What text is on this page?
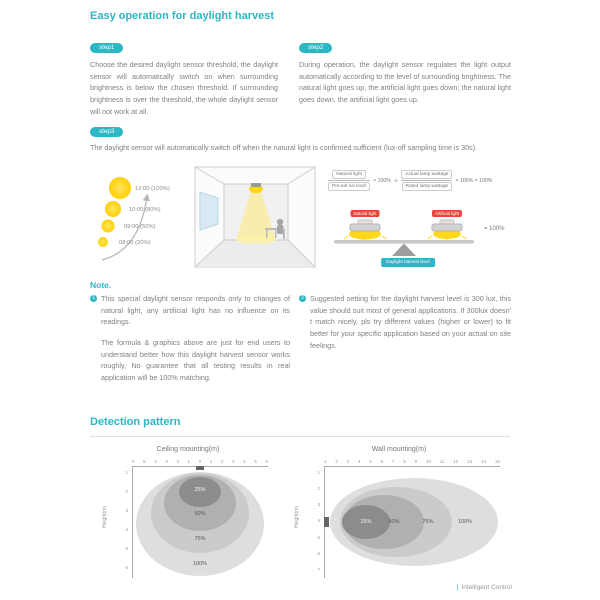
Easy operation for daylight harvest
step1

Choose the desired daylight sensor threshold, the daylight sensor will automatically switch on when surrounding brightness is below the chosen threshold. If surrounding brightness is over the threshold, the whole daylight sensor will not work at all.

step2

During operation, the daylight sensor regulates the light output automatically according to the level of surrounding brightness. The natural light goes up, the artificial light goes down; the natural light goes down, the artificial light goes up.

step3

The daylight sensor will automatically switch off when the natural light is confirmed sufficient (lux-off sampling time is 30s).

12:00 (100%)
10:00 (80%)
09:00 (50%)
08:00 (20%)
$\frac{\text{Natural light}}{\text{Pre-set lux level}} \times 100\% + \frac{\text{Actual lamp wattage}}{\text{Rated lamp wattage}} \times 100\% = 100\%$
Natural light	Artificial light
= 100%
Daylight harvest level
Note.
1 This special daylight sensor responds only to changes of natural light, any artificial light has no influence on its readings.

The formula & graphics above are just for end users to understand better how this daylight harvest sensor works roughly, No guarantee that all testing results in real application will be 100% matching.

2 Suggested setting for the daylight harvest level is 300 lux, this value should suit most of general applications. If 300lux doesn' t match nicely, pls try different values (higher or lower) to fit better for your specific application based on your actual on site feelings.

Detection pattern
Ceiling mounting(m)
6 5 4 3 2 1 0 1 2 3 4 5 6
1
2
3
4
5
6
Height(m)
25%
50%
75%
100%
Wall mounting(m)
1 2 3 4 5 6 7 8 9 10 11 12 13 14 15
1
2
3
4
5
6
7
Height(m)	25%	50%	75%	100%
| Intelligent Control
